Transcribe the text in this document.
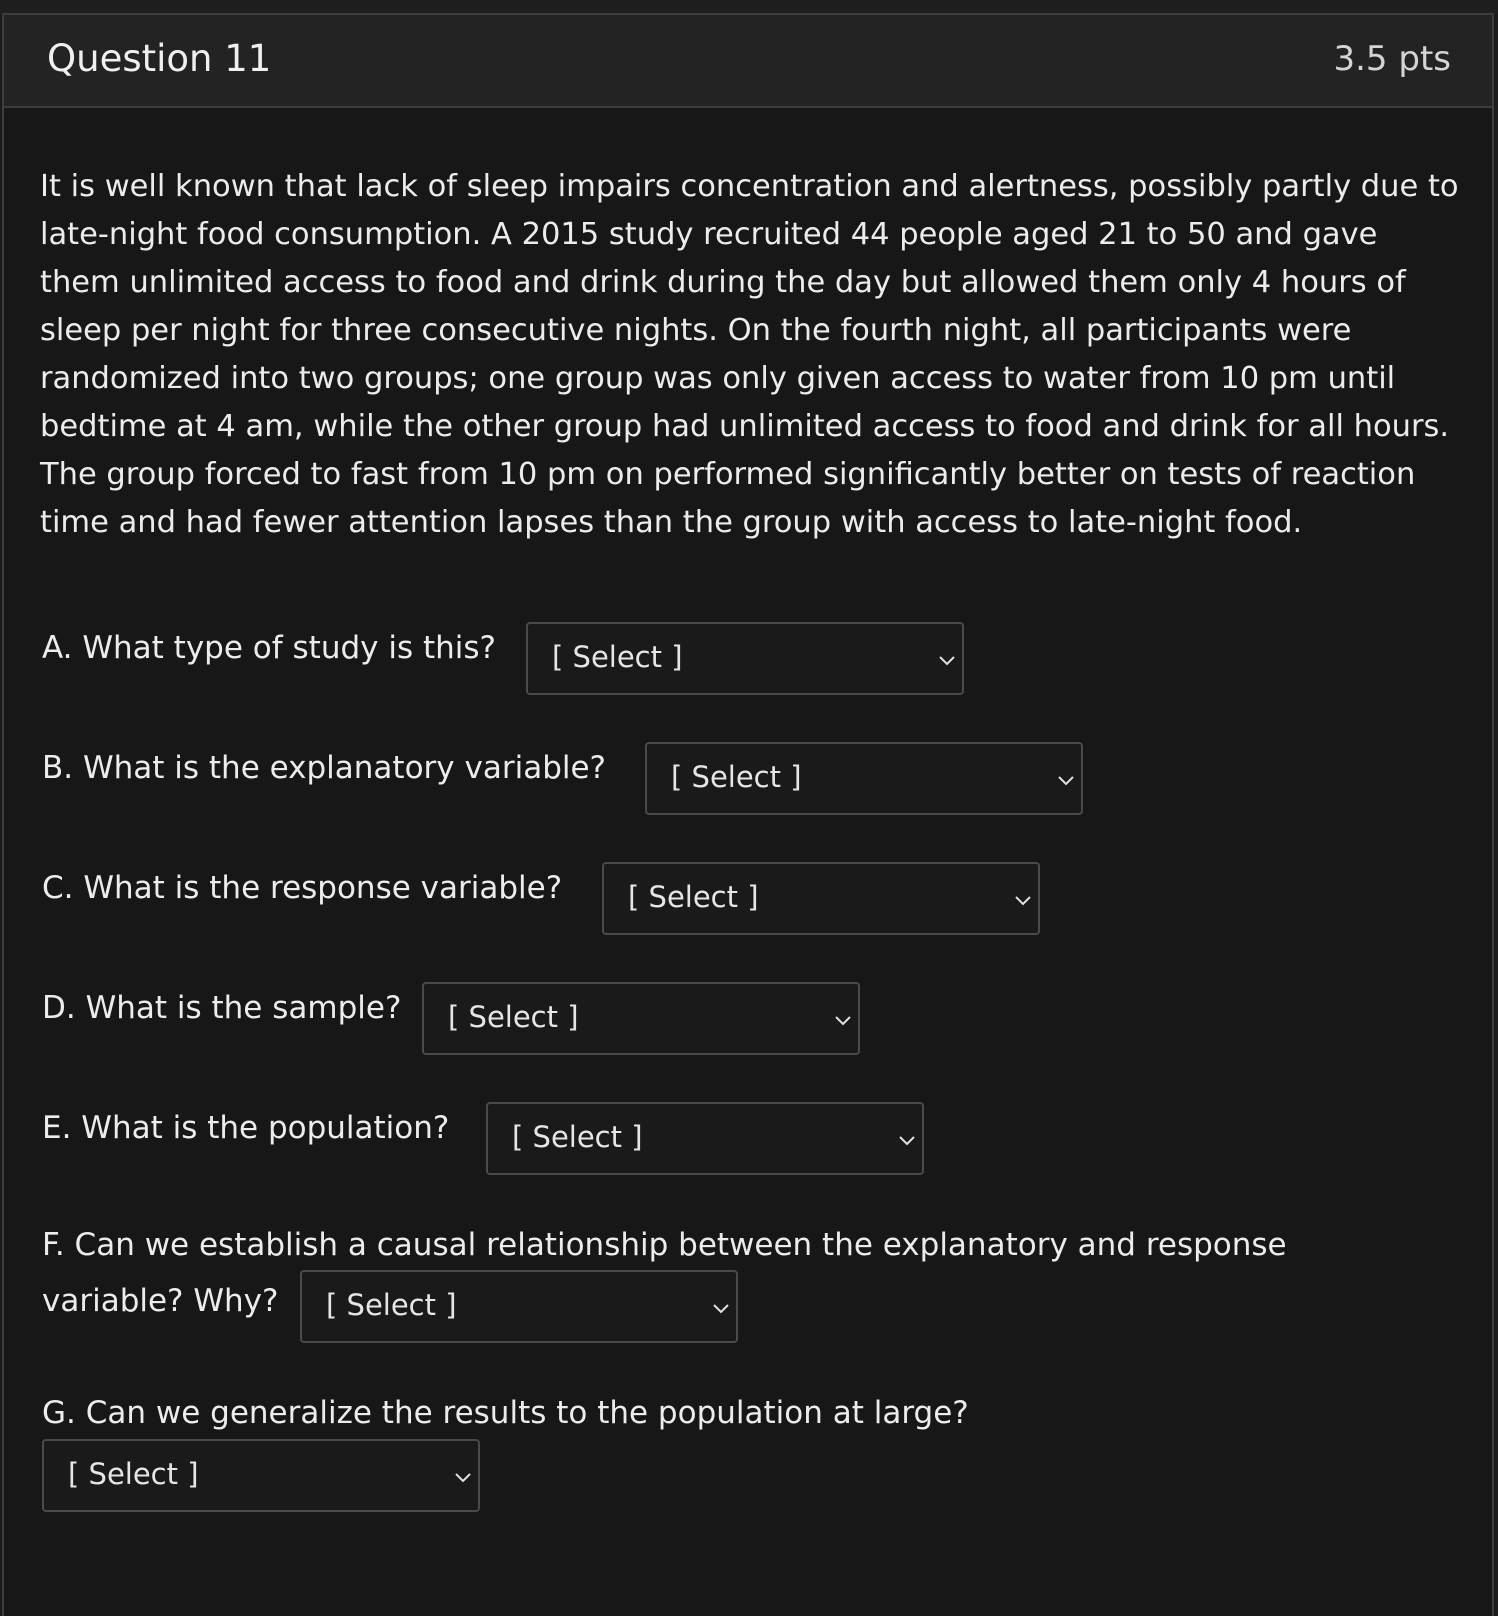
Question 11	3.5 pts

It is well known that lack of sleep impairs concentration and alertness, possibly partly due to late-night food consumption. A 2015 study recruited 44 people aged 21 to 50 and gave them unlimited access to food and drink during the day but allowed them only 4 hours of sleep per night for three consecutive nights. On the fourth night, all participants were randomized into two groups; one group was only given access to water from 10 pm until bedtime at 4 am, while the other group had unlimited access to food and drink for all hours. The group forced to fast from 10 pm on performed significantly better on tests of reaction time and had fewer attention lapses than the group with access to late-night food.

A. What type of study is this? [ Select ]
B. What is the explanatory variable? [ Select ]
C. What is the response variable? [ Select ]
D. What is the sample? [ Select ]
E. What is the population? [ Select ]
F. Can we establish a causal relationship between the explanatory and response
variable? Why? [ Select ]
G. Can we generalize the results to the population at large?
[ Select ]
